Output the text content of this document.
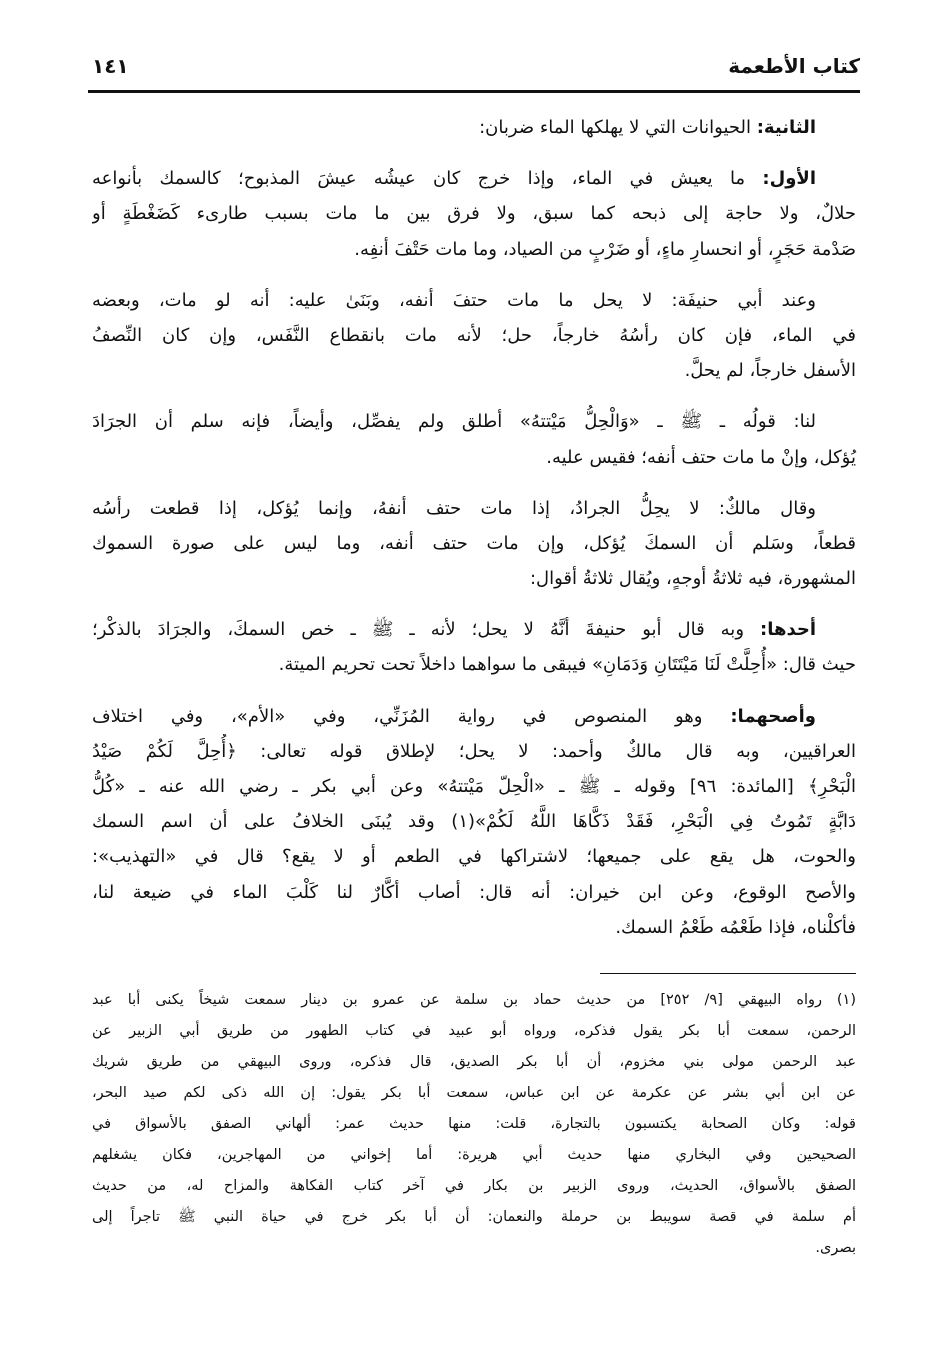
كتاب الأطعمة
١٤١
الثانية: الحيوانات التي لا يهلكها الماء ضربان:
الأول: ما يعيش في الماء، وإذا خرج كان عيشُه عيشَ المذبوح؛ كالسمك بأنواعه
حلالٌ، ولا حاجة إلى ذبحه كما سبق، ولا فرق بين ما مات بسبب طارىء كَضَغْطَةٍ أو
صَدْمة حَجَرٍ، أو انحسارِ ماءٍ، أو ضَرْبٍ من الصياد، وما مات حَتْفَ أنفِه.
وعند أبي حنيفَة: لا يحل ما مات حتفَ أنفه، وبَنَىٰ عليه: أنه لو مات، وبعضه
في الماء، فإن كان رأسُهُ خارجاً، حل؛ لأنه مات بانقطاع النَّفَس، وإن كان النِّصفُ
الأسفل خارجاً، لم يحلَّ.
لنا: قولُه ـ ﷺ ـ «وَالْحِلُّ مَيْتتهُ» أطلق ولم يفصِّل، وأيضاً، فإنه سلم أن الجرَادَ
يُؤكل، وإنْ ما مات حتف أنفه؛ فقيس عليه.
وقال مالكٌ: لا يحِلُّ الجرادُ، إذا مات حتف أنفهُ، وإنما يُؤكل، إذا قطعت رأسُه
قطعاً، وسَلم أن السمكَ يُؤكل، وإن مات حتف أنفه، وما ليس على صورة السموك
المشهورة، فيه ثلاثةُ أوجهٍ، ويُقال ثلاثةُ أقوال:
أحدها: وبه قال أبو حنيفةَ أنَّهُ لا يحل؛ لأنه ـ ﷺ ـ خص السمكَ، والجرَادَ بالذكْر؛
حيث قال: «أُحِلَّتْ لَنَا مَيْتَتَانِ وَدَمَانِ» فيبقى ما سواهما داخلاً تحت تحريم الميتة.
وأصحهما: وهو المنصوص في رواية المُزَنِّي، وفي «الأم»، وفي اختلاف
العراقيين، وبه قال مالكٌ وأحمد: لا يحل؛ لإطلاق قوله تعالى: ﴿أُحِلَّ لَكُمْ صَيْدُ
الْبَحْرِ﴾ [المائدة: ٩٦] وقوله ـ ﷺ ـ «الْحِلّ مَيْتتهُ» وعن أبي بكر ـ رضي الله عنه ـ «كُلُّ
دَابَّةٍ تَمُوتُ فِي الْبَحْرِ، فَقَدْ ذَكَّاهَا اللَّهُ لَكُمْ»(١) وقد يُبنَى الخلافُ على أن اسم السمك
والحوت، هل يقع على جميعها؛ لاشتراكها في الطعم أو لا يقع؟ قال في «التهذيب»:
والأصح الوقوع، وعن ابن خيران: أنه قال: أصاب أكَّارٌ لنا كَلْبَ الماء في ضيعة لنا،
فأكلْناه، فإذا طَعْمُه طَعْمُ السمك.
(١)رواه البيهقي [٩/ ٢٥٢] من حديث حماد بن سلمة عن عمرو بن دينار سمعت شيخاً يكنى أبا عبد
الرحمن، سمعت أبا بكر يقول فذكره، ورواه أبو عبيد في كتاب الطهور من طريق أبي الزبير عن
عبد الرحمن مولى بني مخزوم، أن أبا بكر الصديق، قال فذكره، وروى البيهقي من طريق شريك
عن ابن أبي بشر عن عكرمة عن ابن عباس، سمعت أبا بكر يقول: إن الله ذكى لكم صيد البحر،
قوله: وكان الصحابة يكتسبون بالتجارة، قلت: منها حديث عمر: ألهاني الصفق بالأسواق في
الصحيحين وفي البخاري منها حديث أبي هريرة: أما إخواني من المهاجرين، فكان يشغلهم
الصفق بالأسواق، الحديث، وروى الزبير بن بكار في آخر كتاب الفكاهة والمزاح له، من حديث
أم سلمة في قصة سويبط بن حرملة والنعمان: أن أبا بكر خرج في حياة النبي ﷺ تاجراً إلى
بصرى.
